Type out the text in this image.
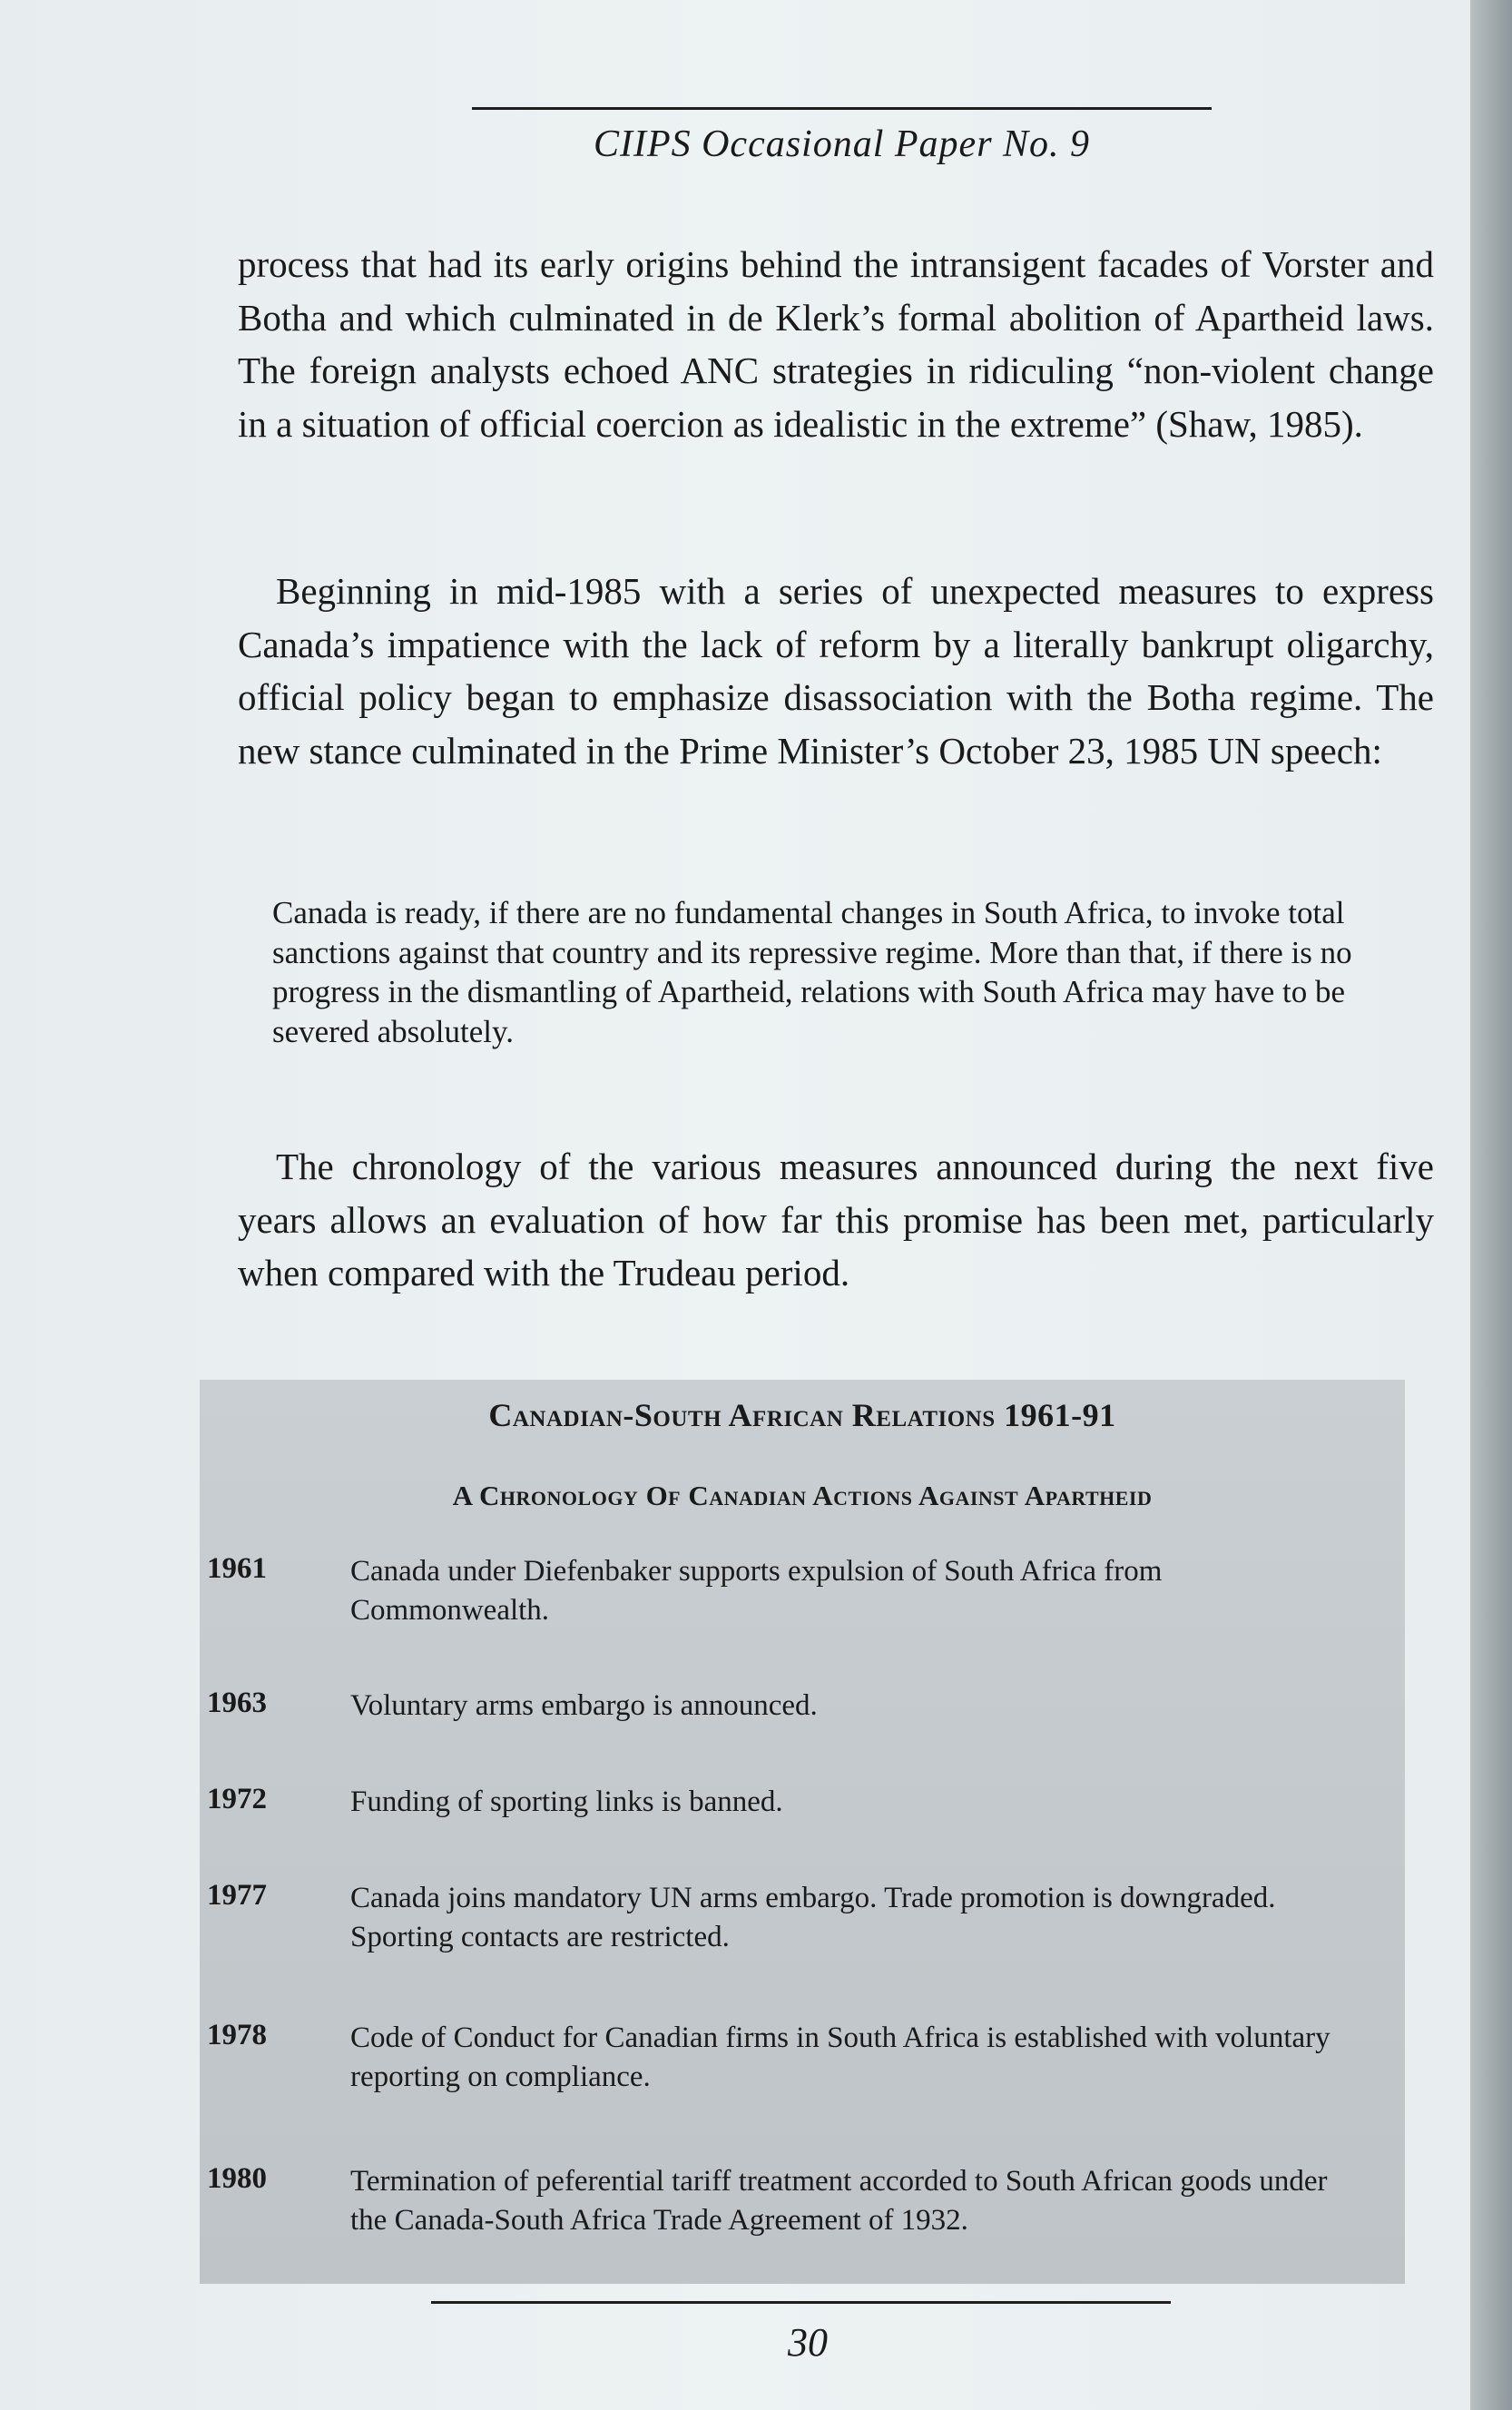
CIIPS Occasional Paper No. 9

process that had its early origins behind the intransigent facades of Vorster and Botha and which culminated in de Klerk’s formal abolition of Apartheid laws. The foreign analysts echoed ANC strategies in ridiculing “non-violent change in a situation of official coercion as idealistic in the extreme” (Shaw, 1985).

Beginning in mid-1985 with a series of unexpected measures to express Canada’s impatience with the lack of reform by a literally bankrupt oligarchy, official policy began to emphasize disassociation with the Botha regime. The new stance culminated in the Prime Minister’s October 23, 1985 UN speech:

Canada is ready, if there are no fundamental changes in South Africa, to invoke total sanctions against that country and its repressive regime. More than that, if there is no progress in the dismantling of Apartheid, relations with South Africa may have to be severed absolutely.

The chronology of the various measures announced during the next five years allows an evaluation of how far this promise has been met, particularly when compared with the Trudeau period.

Canadian-South African Relations 1961-91
A Chronology Of Canadian Actions Against Apartheid
1961	Canada under Diefenbaker supports expulsion of South Africa from Commonwealth.
1963	Voluntary arms embargo is announced.
1972	Funding of sporting links is banned.
1977	Canada joins mandatory UN arms embargo. Trade promotion is downgraded. Sporting contacts are restricted.
1978	Code of Conduct for Canadian firms in South Africa is established with voluntary reporting on compliance.
1980	Termination of peferential tariff treatment accorded to South African goods under the Canada-South Africa Trade Agreement of 1932.
30
